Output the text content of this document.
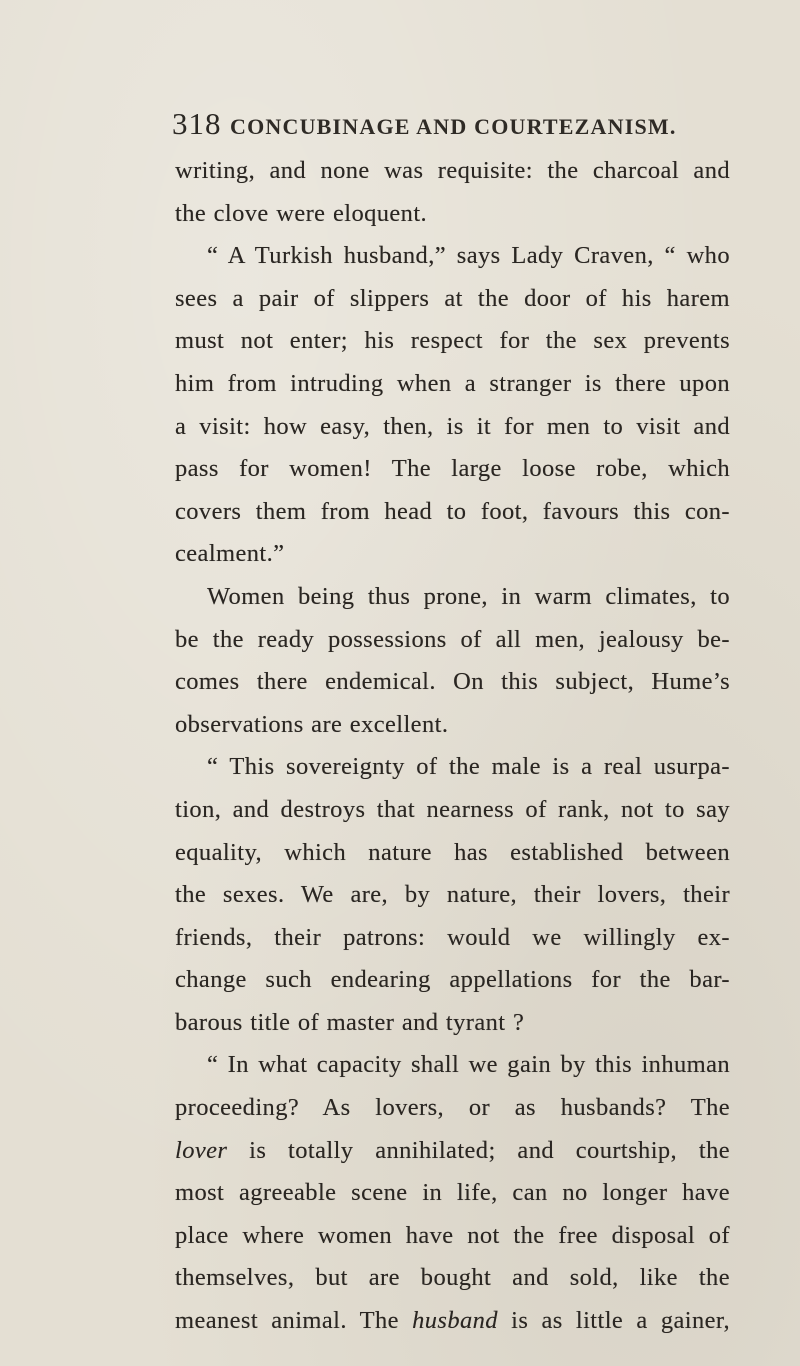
318 CONCUBINAGE AND COURTEZANISM.
writing, and none was requisite: the charcoal and
the clove were eloquent.
“ A Turkish husband,” says Lady Craven, “ who
sees a pair of slippers at the door of his harem
must not enter; his respect for the sex prevents
him from intruding when a stranger is there upon
a visit: how easy, then, is it for men to visit and
pass for women! The large loose robe, which
covers them from head to foot, favours this con-
cealment.”
Women being thus prone, in warm climates, to
be the ready possessions of all men, jealousy be-
comes there endemical. On this subject, Hume’s
observations are excellent.
“ This sovereignty of the male is a real usurpa-
tion, and destroys that nearness of rank, not to say
equality, which nature has established between
the sexes. We are, by nature, their lovers, their
friends, their patrons: would we willingly ex-
change such endearing appellations for the bar-
barous title of master and tyrant ?
“ In what capacity shall we gain by this inhuman
proceeding? As lovers, or as husbands? The
lover is totally annihilated; and courtship, the
most agreeable scene in life, can no longer have
place where women have not the free disposal of
themselves, but are bought and sold, like the
meanest animal. The husband is as little a gainer,
